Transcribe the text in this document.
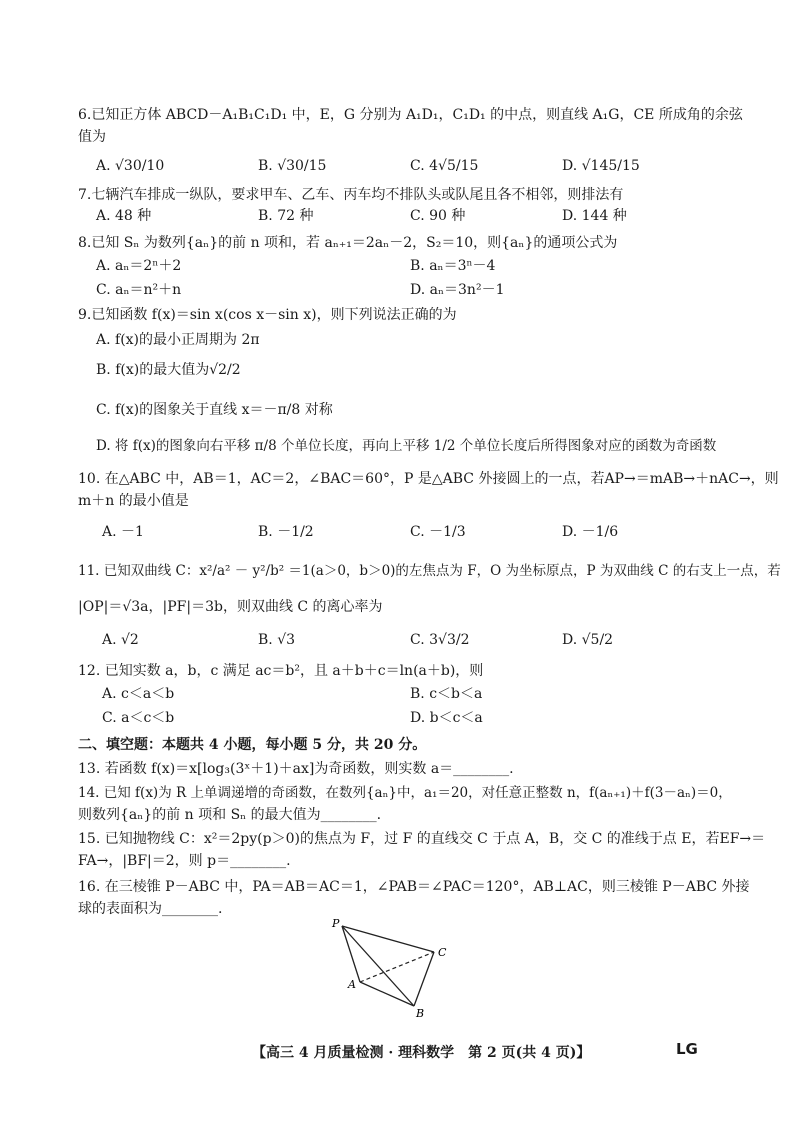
6.已知正方体 ABCD－A₁B₁C₁D₁ 中，E，G 分别为 A₁D₁，C₁D₁ 的中点，则直线 A₁G，CE 所成角的余弦
值为
A. √30/10	B. √30/15	C. 4√5/15	D. √145/15
7.七辆汽车排成一纵队，要求甲车、乙车、丙车均不排队头或队尾且各不相邻，则排法有
A. 48 种	B. 72 种	C. 90 种	D. 144 种
8.已知 Sₙ 为数列{aₙ}的前 n 项和，若 aₙ₊₁＝2aₙ－2，S₂＝10，则{aₙ}的通项公式为
A. aₙ＝2ⁿ＋2	B. aₙ＝3ⁿ－4
C. aₙ＝n²＋n	D. aₙ＝3n²－1
9.已知函数 f(x)＝sin x(cos x－sin x)，则下列说法正确的为
A. f(x)的最小正周期为 2π
B. f(x)的最大值为√2/2
C. f(x)的图象关于直线 x＝－π/8 对称
D. 将 f(x)的图象向右平移 π/8 个单位长度，再向上平移 1/2 个单位长度后所得图象对应的函数为奇函数
10. 在△ABC 中，AB＝1，AC＝2，∠BAC＝60°，P 是△ABC 外接圆上的一点，若AP→＝mAB→＋nAC→，则
m＋n 的最小值是
A. －1	B. －1/2	C. －1/3	D. －1/6
11. 已知双曲线 C：x²/a² － y²/b² ＝1(a＞0，b＞0)的左焦点为 F，O 为坐标原点，P 为双曲线 C 的右支上一点，若
|OP|＝√3a，|PF|＝3b，则双曲线 C 的离心率为
A. √2	B. √3	C. 3√3/2	D. √5/2
12. 已知实数 a，b，c 满足 ac＝b²，且 a＋b＋c＝ln(a＋b)，则
A. c＜a＜b	B. c＜b＜a
C. a＜c＜b	D. b＜c＜a
二、填空题：本题共 4 小题，每小题 5 分，共 20 分。
13. 若函数 f(x)＝x[log₃(3ˣ＋1)＋ax]为奇函数，则实数 a＝________.
14. 已知 f(x)为 R 上单调递增的奇函数，在数列{aₙ}中，a₁＝20，对任意正整数 n，f(aₙ₊₁)＋f(3－aₙ)＝0，
则数列{aₙ}的前 n 项和 Sₙ 的最大值为________.
15. 已知抛物线 C：x²＝2py(p＞0)的焦点为 F，过 F 的直线交 C 于点 A，B，交 C 的准线于点 E，若EF→＝
FA→，|BF|＝2，则 p＝________.
16. 在三棱锥 P－ABC 中，PA＝AB＝AC＝1，∠PAB＝∠PAC＝120°，AB⊥AC，则三棱锥 P－ABC 外接
球的表面积为________.
P
A
B
C
【高三 4 月质量检测 · 理科数学　第 2 页(共 4 页)】	LG
